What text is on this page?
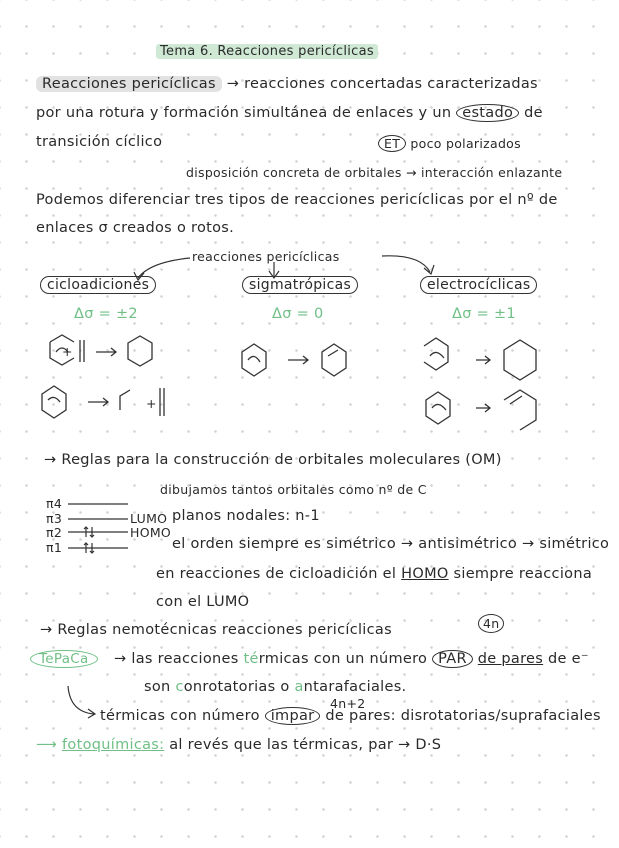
Tema 6. Reacciones pericíclicas
Reacciones pericíclicas → reacciones concertadas caracterizadas
por una rotura y formación simultánea de enlaces y un estado de
transición cíclico	ET poco polarizados
disposición concreta de orbitales → interacción enlazante
Podemos diferenciar tres tipos de reacciones pericíclicas por el nº de
enlaces σ creados o rotos.
reacciones pericíclicas
cicloadiciones	sigmatrópicas	electrocíclicas
Δσ = ±2	Δσ = 0	Δσ = ±1
+
+
→ Reglas para la construcción de orbitales moleculares (OM)
dibujamos tantos orbitales como nº de C
π4
π3
π2
π1
LUMO
HOMO
planos nodales: n-1
el orden siempre es simétrico → antisimétrico → simétrico
en reacciones de cicloadición el HOMO siempre reacciona
con el LUMO
→ Reglas nemotécnicas reacciones pericíclicas	4n
TePaCa	→ las reacciones térmicas con un número PAR de pares de e⁻
son conrotatorias o antarafaciales.
4n+2
térmicas con número impar de pares: disrotatorias/suprafaciales
⟶ fotoquímicas: al revés que las térmicas, par → D·S
